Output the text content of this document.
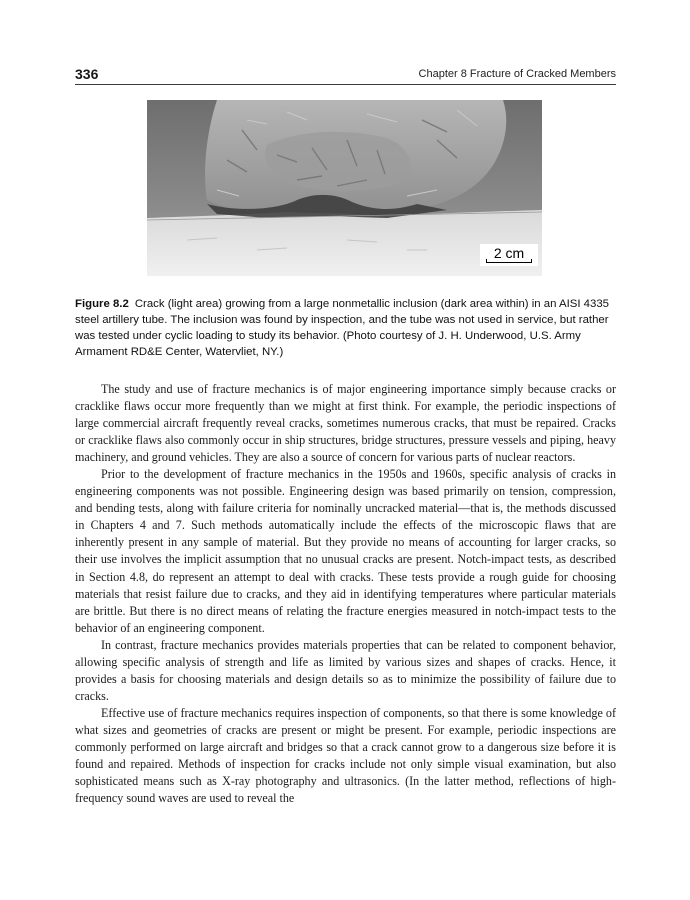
336	Chapter 8 Fracture of Cracked Members
2 cm
Figure 8.2 Crack (light area) growing from a large nonmetallic inclusion (dark area within) in an AISI 4335 steel artillery tube. The inclusion was found by inspection, and the tube was not used in service, but rather was tested under cyclic loading to study its behavior. (Photo courtesy of J. H. Underwood, U.S. Army Armament RD&E Center, Watervliet, NY.)

The study and use of fracture mechanics is of major engineering importance simply because cracks or cracklike flaws occur more frequently than we might at first think. For example, the periodic inspections of large commercial aircraft frequently reveal cracks, sometimes numerous cracks, that must be repaired. Cracks or cracklike flaws also commonly occur in ship structures, bridge structures, pressure vessels and piping, heavy machinery, and ground vehicles. They are also a source of concern for various parts of nuclear reactors.

Prior to the development of fracture mechanics in the 1950s and 1960s, specific analysis of cracks in engineering components was not possible. Engineering design was based primarily on tension, compression, and bending tests, along with failure criteria for nominally uncracked material—that is, the methods discussed in Chapters 4 and 7. Such methods automatically include the effects of the microscopic flaws that are inherently present in any sample of material. But they provide no means of accounting for larger cracks, so their use involves the implicit assumption that no unusual cracks are present. Notch-impact tests, as described in Section 4.8, do represent an attempt to deal with cracks. These tests provide a rough guide for choosing materials that resist failure due to cracks, and they aid in identifying temperatures where particular materials are brittle. But there is no direct means of relating the fracture energies measured in notch-impact tests to the behavior of an engineering component.

In contrast, fracture mechanics provides materials properties that can be related to component behavior, allowing specific analysis of strength and life as limited by various sizes and shapes of cracks. Hence, it provides a basis for choosing materials and design details so as to minimize the possibility of failure due to cracks.

Effective use of fracture mechanics requires inspection of components, so that there is some knowledge of what sizes and geometries of cracks are present or might be present. For example, periodic inspections are commonly performed on large aircraft and bridges so that a crack cannot grow to a dangerous size before it is found and repaired. Methods of inspection for cracks include not only simple visual examination, but also sophisticated means such as X-ray photography and ultrasonics. (In the latter method, reflections of high-frequency sound waves are used to reveal the
